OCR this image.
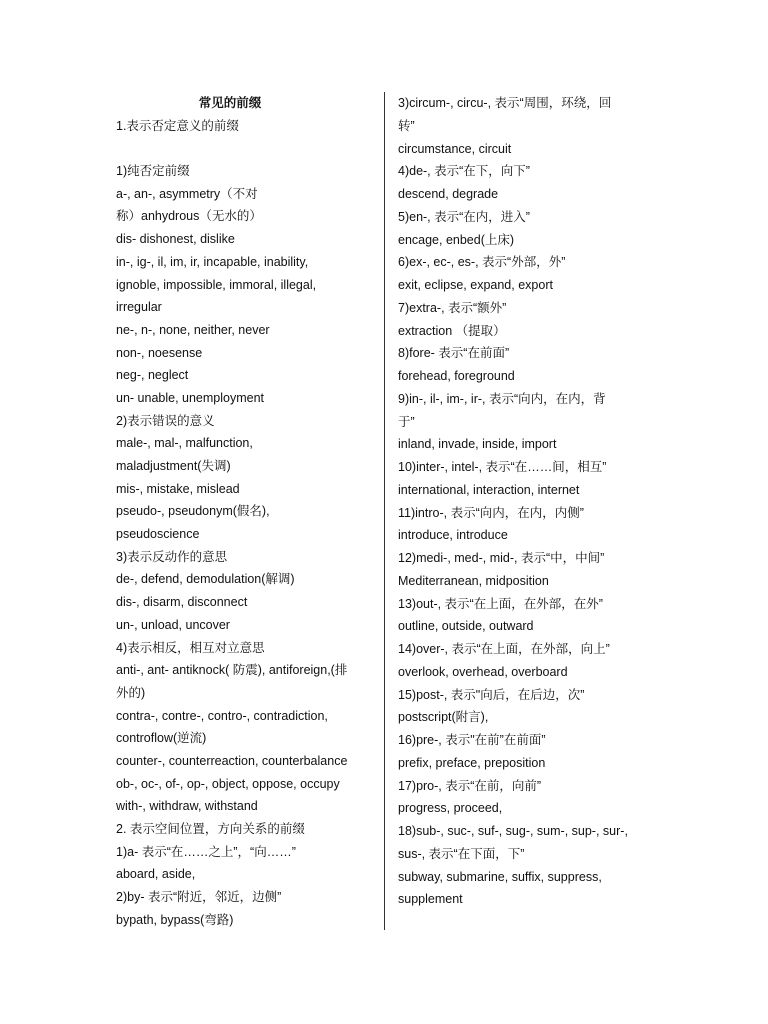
常见的前缀
1.表示否定意义的前缀
1)纯否定前缀
a-, an-, asymmetry（不对
称）anhydrous（无水的）
dis- dishonest, dislike
in-, ig-, il, im, ir, incapable, inability,
ignoble, impossible, immoral, illegal,
irregular
ne-, n-, none, neither, never
non-, noesense
neg-, neglect
un- unable, unemployment
2)表示错误的意义
male-, mal-, malfunction,
maladjustment(失调)
mis-, mistake, mislead
pseudo-, pseudonym(假名),
pseudoscience
3)表示反动作的意思
de-, defend, demodulation(解调)
dis-, disarm, disconnect
un-, unload, uncover
4)表示相反，相互对立意思
anti-, ant- antiknock( 防震), antiforeign,(排
外的)
contra-, contre-, contro-, contradiction,
controflow(逆流)
counter-, counterreaction, counterbalance
ob-, oc-, of-, op-, object, oppose, occupy
with-, withdraw, withstand
2. 表示空间位置，方向关系的前缀
1)a- 表示“在……之上”，“向……”
aboard, aside,
2)by- 表示“附近，邻近，边侧”
bypath, bypass(弯路)
3)circum-, circu-, 表示“周围，环绕，回
转”
circumstance, circuit
4)de-, 表示“在下，向下”
descend, degrade
5)en-, 表示“在内，进入”
encage, enbed(上床)
6)ex-, ec-, es-, 表示“外部，外”
exit, eclipse, expand, export
7)extra-, 表示“额外”
extraction （提取）
8)fore- 表示“在前面”
forehead, foreground
9)in-, il-, im-, ir-, 表示“向内，在内，背
于”
inland, invade, inside, import
10)inter-, intel-, 表示“在……间，相互”
international, interaction, internet
11)intro-, 表示“向内，在内，内侧”
introduce, introduce
12)medi-, med-, mid-, 表示“中，中间”
Mediterranean, midposition
13)out-, 表示“在上面，在外部，在外”
outline, outside, outward
14)over-, 表示“在上面，在外部，向上”
overlook, overhead, overboard
15)post-, 表示"向后，在后边，次”
postscript(附言),
16)pre-, 表示"在前”在前面”
prefix, preface, preposition
17)pro-, 表示“在前，向前”
progress, proceed,
18)sub-, suc-, suf-, sug-, sum-, sup-, sur-,
sus-, 表示“在下面，下”
subway, submarine, suffix, suppress,
supplement
